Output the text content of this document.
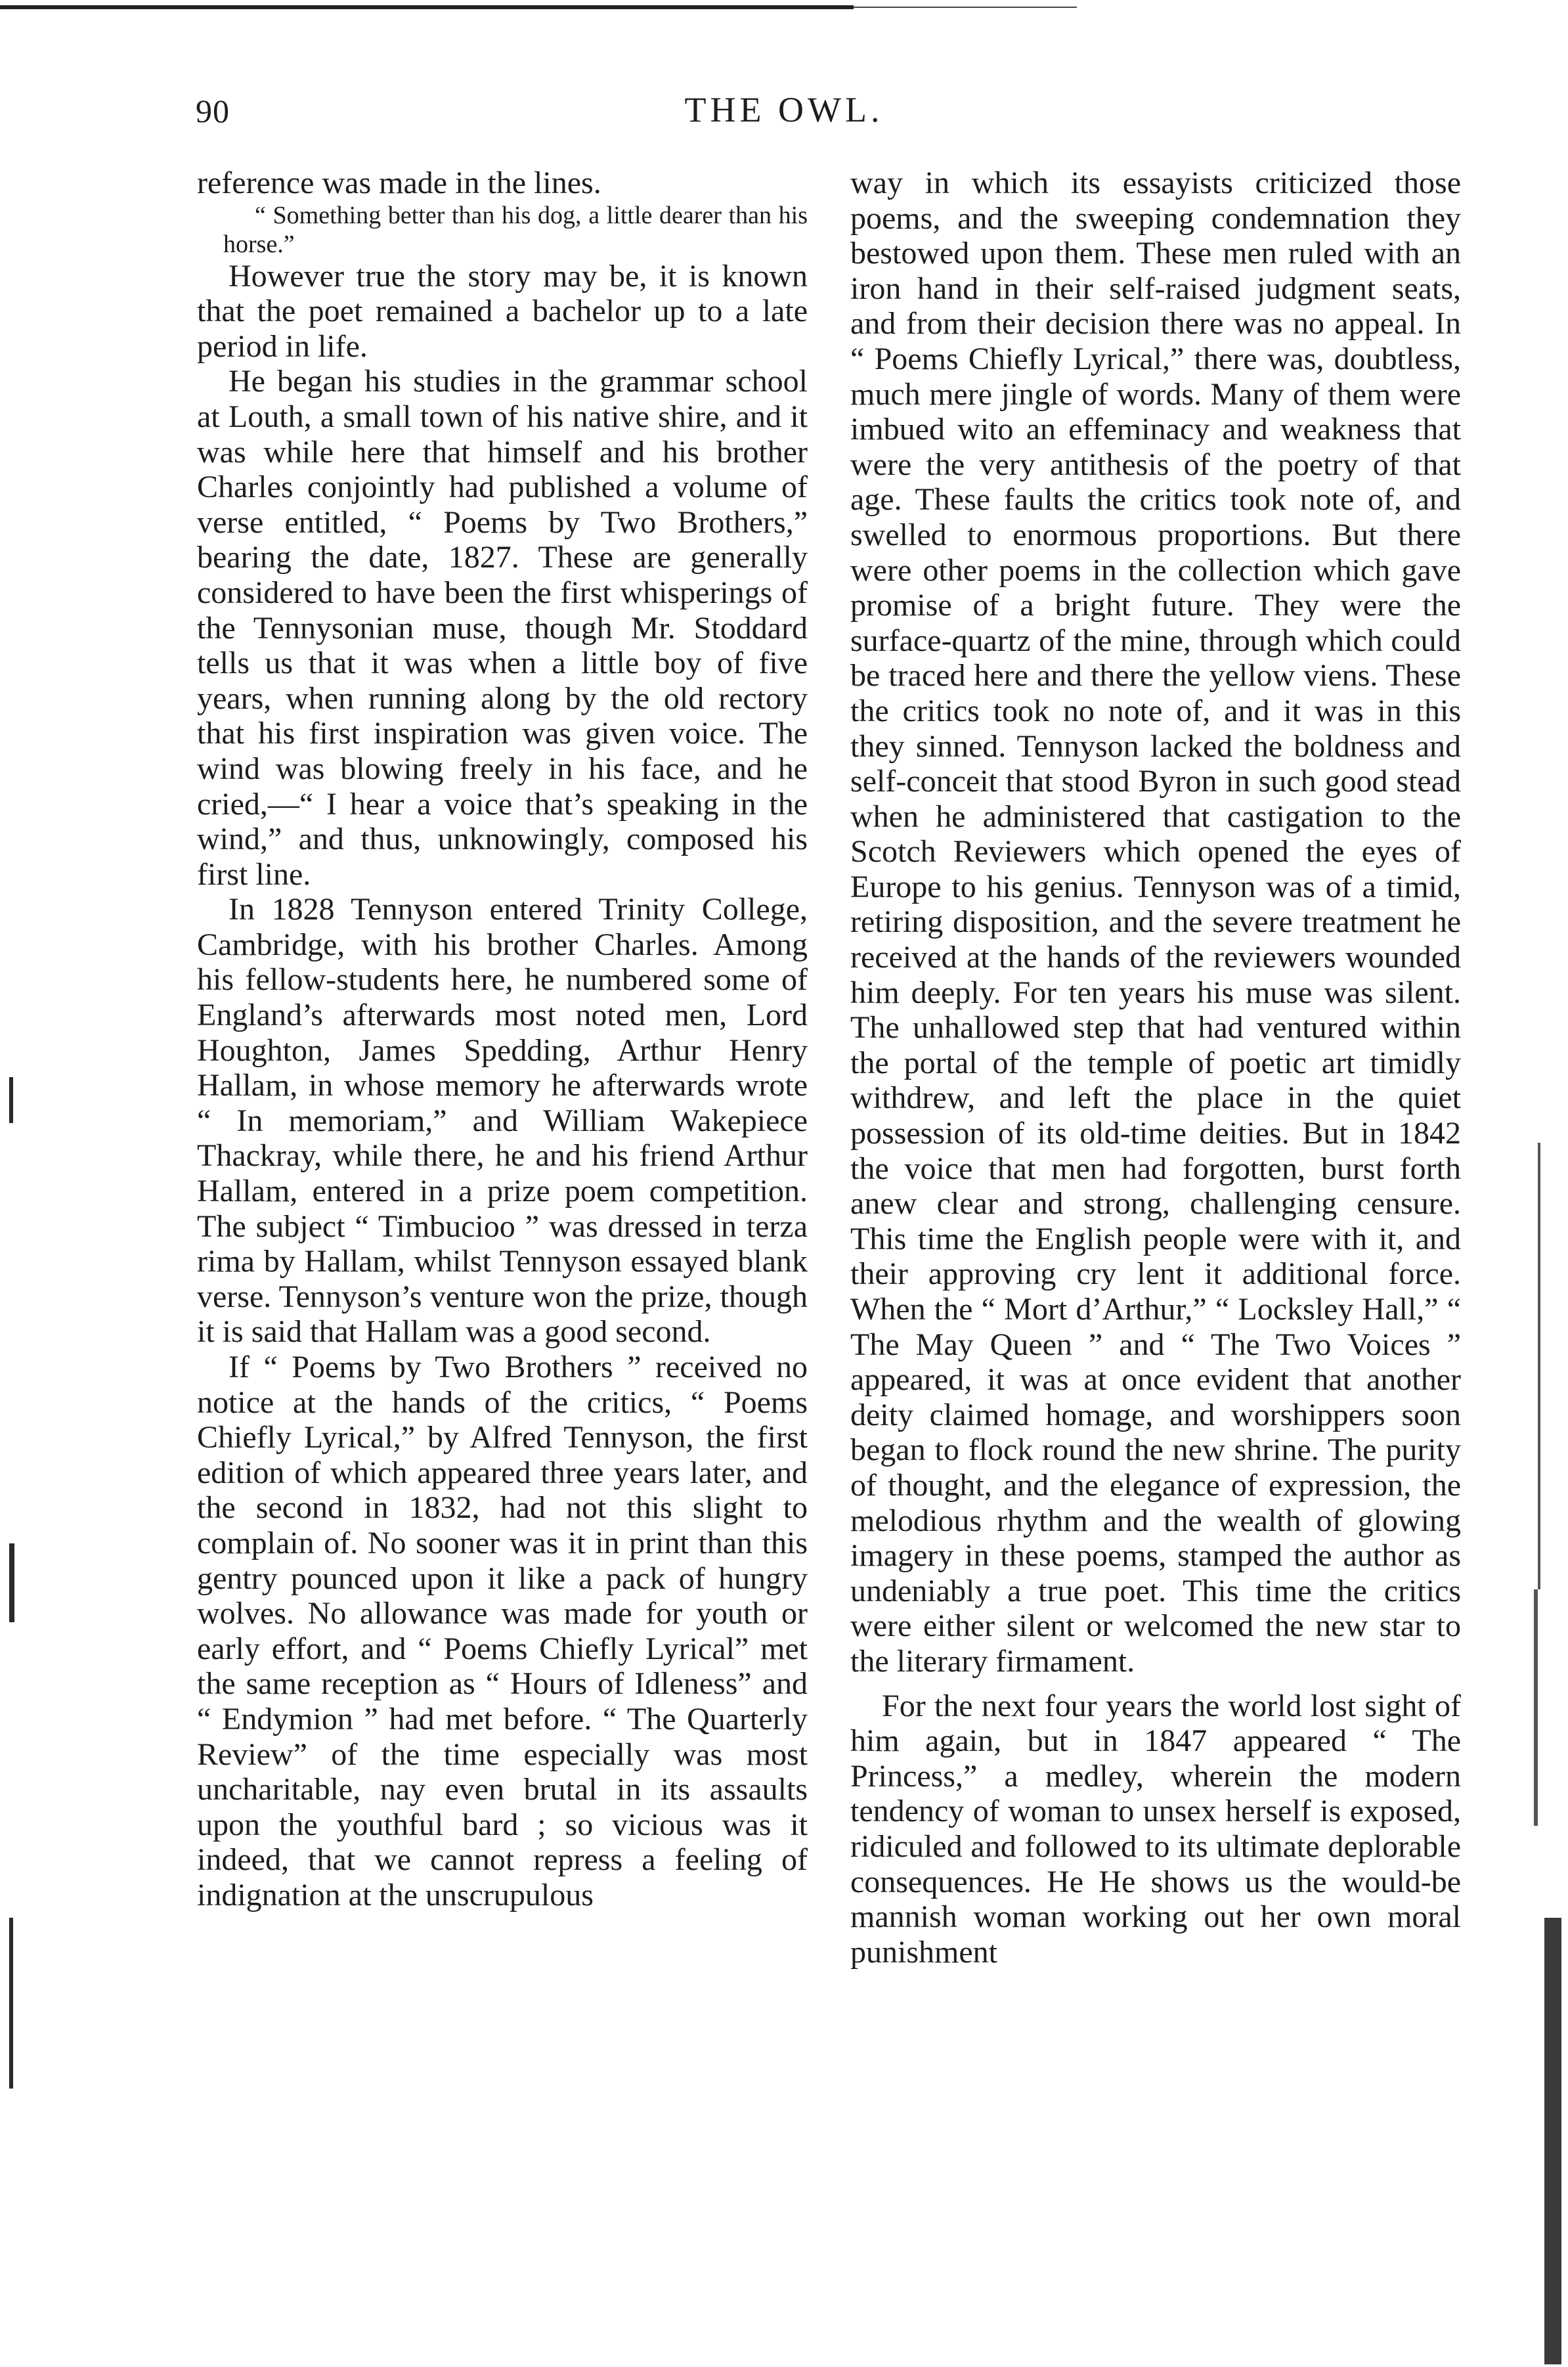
90	THE OWL.

reference was made in the lines.

“ Something better than his dog, a little dearer than his horse.”

However true the story may be, it is known that the poet remained a bachelor up to a late period in life.

He began his studies in the grammar school at Louth, a small town of his native shire, and it was while here that himself and his brother Charles conjointly had published a volume of verse entitled, “ Poems by Two Brothers,” bearing the date, 1827. These are generally considered to have been the first whisperings of the Tennysonian muse, though Mr. Stoddard tells us that it was when a little boy of five years, when running along by the old rectory that his first inspiration was given voice. The wind was blowing freely in his face, and he cried,—“ I hear a voice that’s speaking in the wind,” and thus, unknowingly, composed his first line.

In 1828 Tennyson entered Trinity College, Cambridge, with his brother Charles. Among his fellow-students here, he numbered some of England’s afterwards most noted men, Lord Houghton, James Spedding, Arthur Henry Hallam, in whose memory he afterwards wrote “ In memoriam,” and William Wakepiece Thackray, while there, he and his friend Arthur Hallam, entered in a prize poem competition. The subject “ Timbucioo ” was dressed in terza rima by Hallam, whilst Tennyson essayed blank verse. Tennyson’s venture won the prize, though it is said that Hallam was a good second.

If “ Poems by Two Brothers ” received no notice at the hands of the critics, “ Poems Chiefly Lyrical,” by Alfred Tennyson, the first edition of which appeared three years later, and the second in 1832, had not this slight to complain of. No sooner was it in print than this gentry pounced upon it like a pack of hungry wolves. No allowance was made for youth or early effort, and “ Poems Chiefly Lyrical” met the same reception as “ Hours of Idleness” and “ Endymion ” had met before. “ The Quarterly Review” of the time especially was most uncharitable, nay even brutal in its assaults upon the youthful bard ; so vicious was it indeed, that we cannot repress a feeling of indignation at the unscrupulous

way in which its essayists criticized those poems, and the sweeping condemnation they bestowed upon them. These men ruled with an iron hand in their self-raised judgment seats, and from their decision there was no appeal. In “ Poems Chiefly Lyrical,” there was, doubtless, much mere jingle of words. Many of them were imbued wito an effeminacy and weakness that were the very antithesis of the poetry of that age. These faults the critics took note of, and swelled to enormous proportions. But there were other poems in the collection which gave promise of a bright future. They were the surface-quartz of the mine, through which could be traced here and there the yellow viens. These the critics took no note of, and it was in this they sinned. Tennyson lacked the boldness and self-conceit that stood Byron in such good stead when he administered that castigation to the Scotch Reviewers which opened the eyes of Europe to his genius. Tennyson was of a timid, retiring disposition, and the severe treatment he received at the hands of the reviewers wounded him deeply. For ten years his muse was silent. The unhallowed step that had ventured within the portal of the temple of poetic art timidly withdrew, and left the place in the quiet possession of its old-time deities. But in 1842 the voice that men had forgotten, burst forth anew clear and strong, challenging censure. This time the English people were with it, and their approving cry lent it additional force. When the “ Mort d’Arthur,” “ Locksley Hall,” “ The May Queen ” and “ The Two Voices ” appeared, it was at once evident that another deity claimed homage, and worshippers soon began to flock round the new shrine. The purity of thought, and the elegance of expression, the melodious rhythm and the wealth of glowing imagery in these poems, stamped the author as undeniably a true poet. This time the critics were either silent or welcomed the new star to the literary firmament.

For the next four years the world lost sight of him again, but in 1847 appeared “ The Princess,” a medley, wherein the modern tendency of woman to unsex herself is exposed, ridiculed and followed to its ultimate deplorable consequences. He He shows us the would-be mannish woman working out her own moral punishment
